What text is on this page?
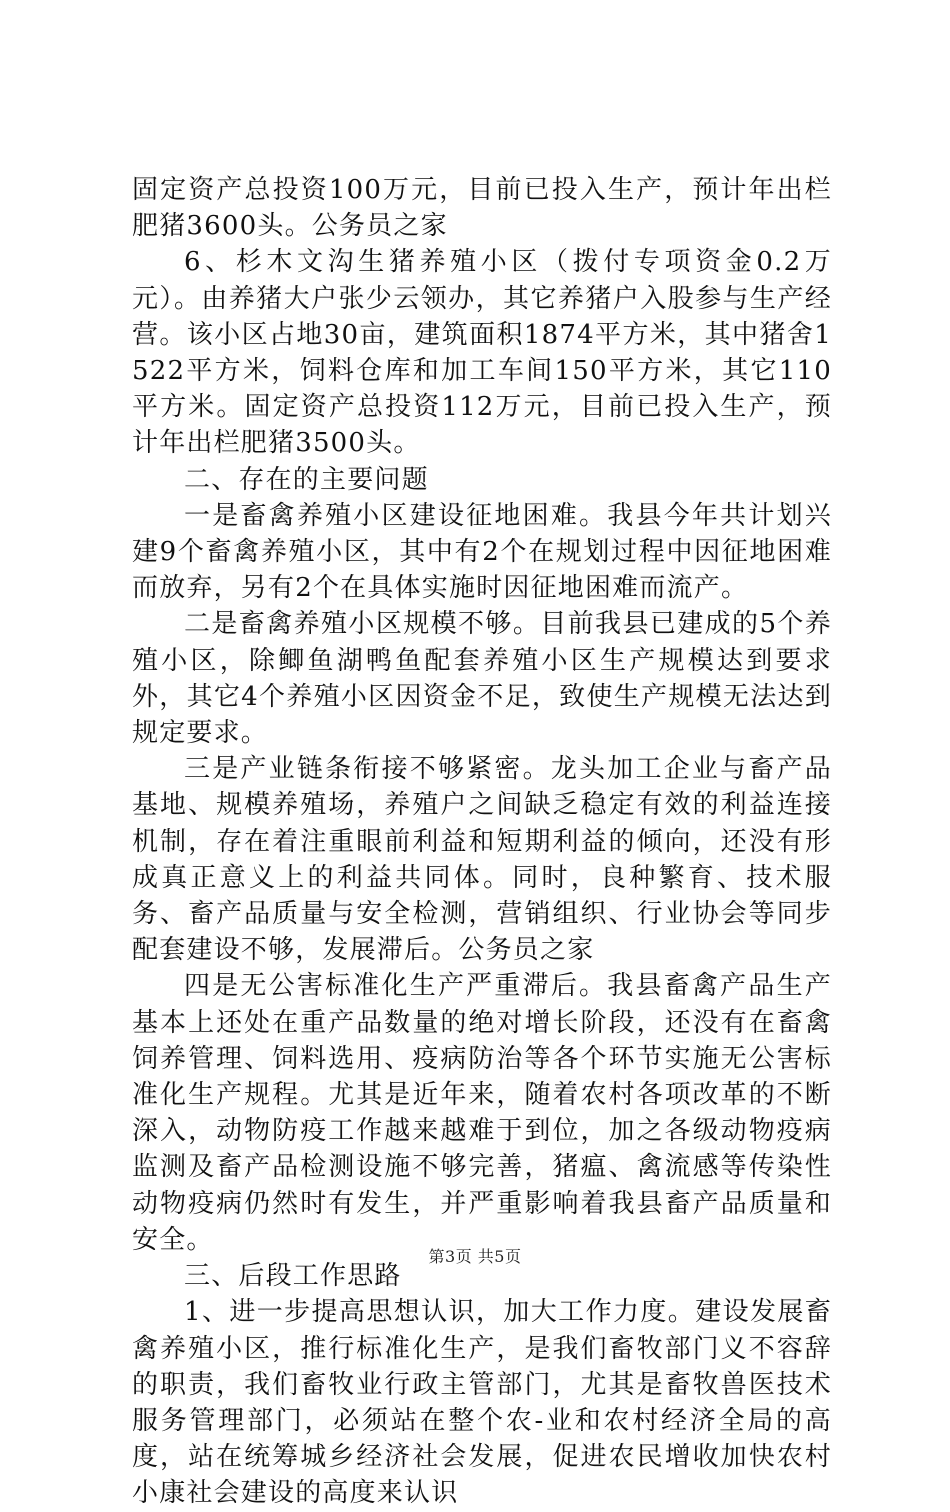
固定资产总投资100万元，目前已投入生产，预计年出栏肥猪3600头。公务员之家

6、杉木文沟生猪养殖小区（拨付专项资金0.2万元）。由养猪大户张少云领办，其它养猪户入股参与生产经营。该小区占地30亩，建筑面积1874平方米，其中猪舍1522平方米，饲料仓库和加工车间150平方米，其它110平方米。固定资产总投资112万元，目前已投入生产，预计年出栏肥猪3500头。

二、存在的主要问题

一是畜禽养殖小区建设征地困难。我县今年共计划兴建9个畜禽养殖小区，其中有2个在规划过程中因征地困难而放弃，另有2个在具体实施时因征地困难而流产。

二是畜禽养殖小区规模不够。目前我县已建成的5个养殖小区，除鲫鱼湖鸭鱼配套养殖小区生产规模达到要求外，其它4个养殖小区因资金不足，致使生产规模无法达到规定要求。

三是产业链条衔接不够紧密。龙头加工企业与畜产品基地、规模养殖场，养殖户之间缺乏稳定有效的利益连接机制，存在着注重眼前利益和短期利益的倾向，还没有形成真正意义上的利益共同体。同时，良种繁育、技术服务、畜产品质量与安全检测，营销组织、行业协会等同步配套建设不够，发展滞后。公务员之家

四是无公害标准化生产严重滞后。我县畜禽产品生产基本上还处在重产品数量的绝对增长阶段，还没有在畜禽饲养管理、饲料选用、疫病防治等各个环节实施无公害标准化生产规程。尤其是近年来，随着农村各项改革的不断深入，动物防疫工作越来越难于到位，加之各级动物疫病监测及畜产品检测设施不够完善，猪瘟、禽流感等传染性动物疫病仍然时有发生，并严重影响着我县畜产品质量和安全。

三、后段工作思路

1、进一步提高思想认识，加大工作力度。建设发展畜禽养殖小区，推行标准化生产，是我们畜牧部门义不容辞的职责，我们畜牧业行政主管部门，尤其是畜牧兽医技术服务管理部门，必须站在整个农-业和农村经济全局的高度，站在统筹城乡经济社会发展，促进农民增收加快农村小康社会建设的高度来认识

第3页 共5页
